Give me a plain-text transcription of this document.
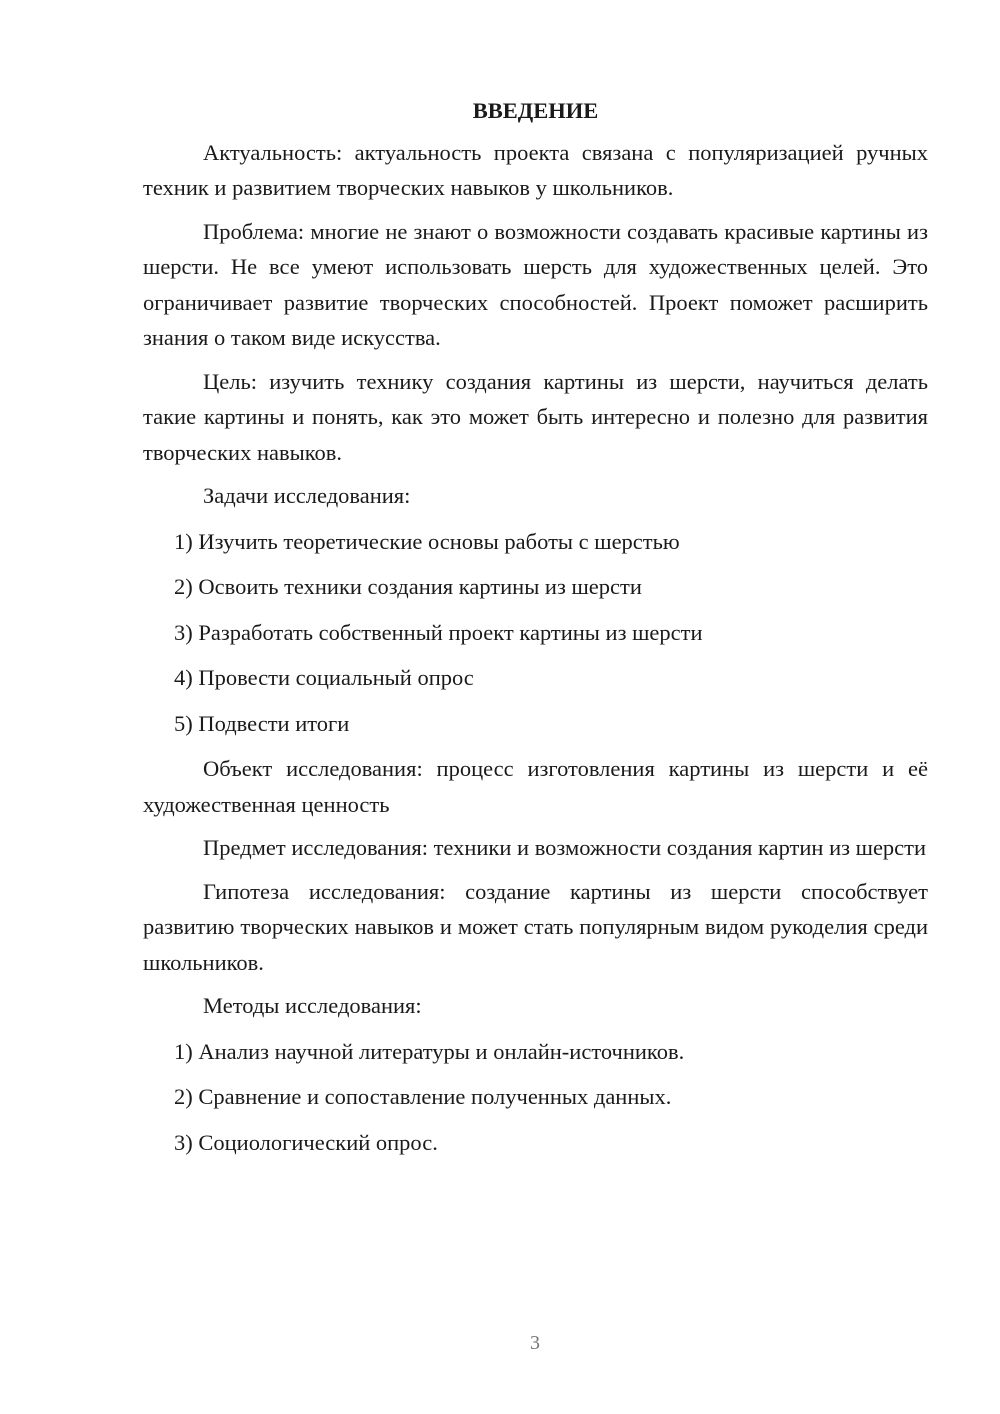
ВВЕДЕНИЕ

Актуальность: актуальность проекта связана с популяризацией ручных техник и развитием творческих навыков у школьников.

Проблема: многие не знают о возможности создавать красивые картины из шерсти. Не все умеют использовать шерсть для художественных целей. Это ограничивает развитие творческих способностей. Проект поможет расширить знания о таком виде искусства.

Цель: изучить технику создания картины из шерсти, научиться делать такие картины и понять, как это может быть интересно и полезно для развития творческих навыков.

Задачи исследования:

1) Изучить теоретические основы работы с шерстью
2) Освоить техники создания картины из шерсти
3) Разработать собственный проект картины из шерсти
4) Провести социальный опрос
5) Подвести итоги

Объект исследования: процесс изготовления картины из шерсти и её художественная ценность

Предмет исследования: техники и возможности создания картин из шерсти

Гипотеза исследования: создание картины из шерсти способствует развитию творческих навыков и может стать популярным видом рукоделия среди школьников.

Методы исследования:

1) Анализ научной литературы и онлайн-источников.
2) Сравнение и сопоставление полученных данных.
3) Социологический опрос.
3
